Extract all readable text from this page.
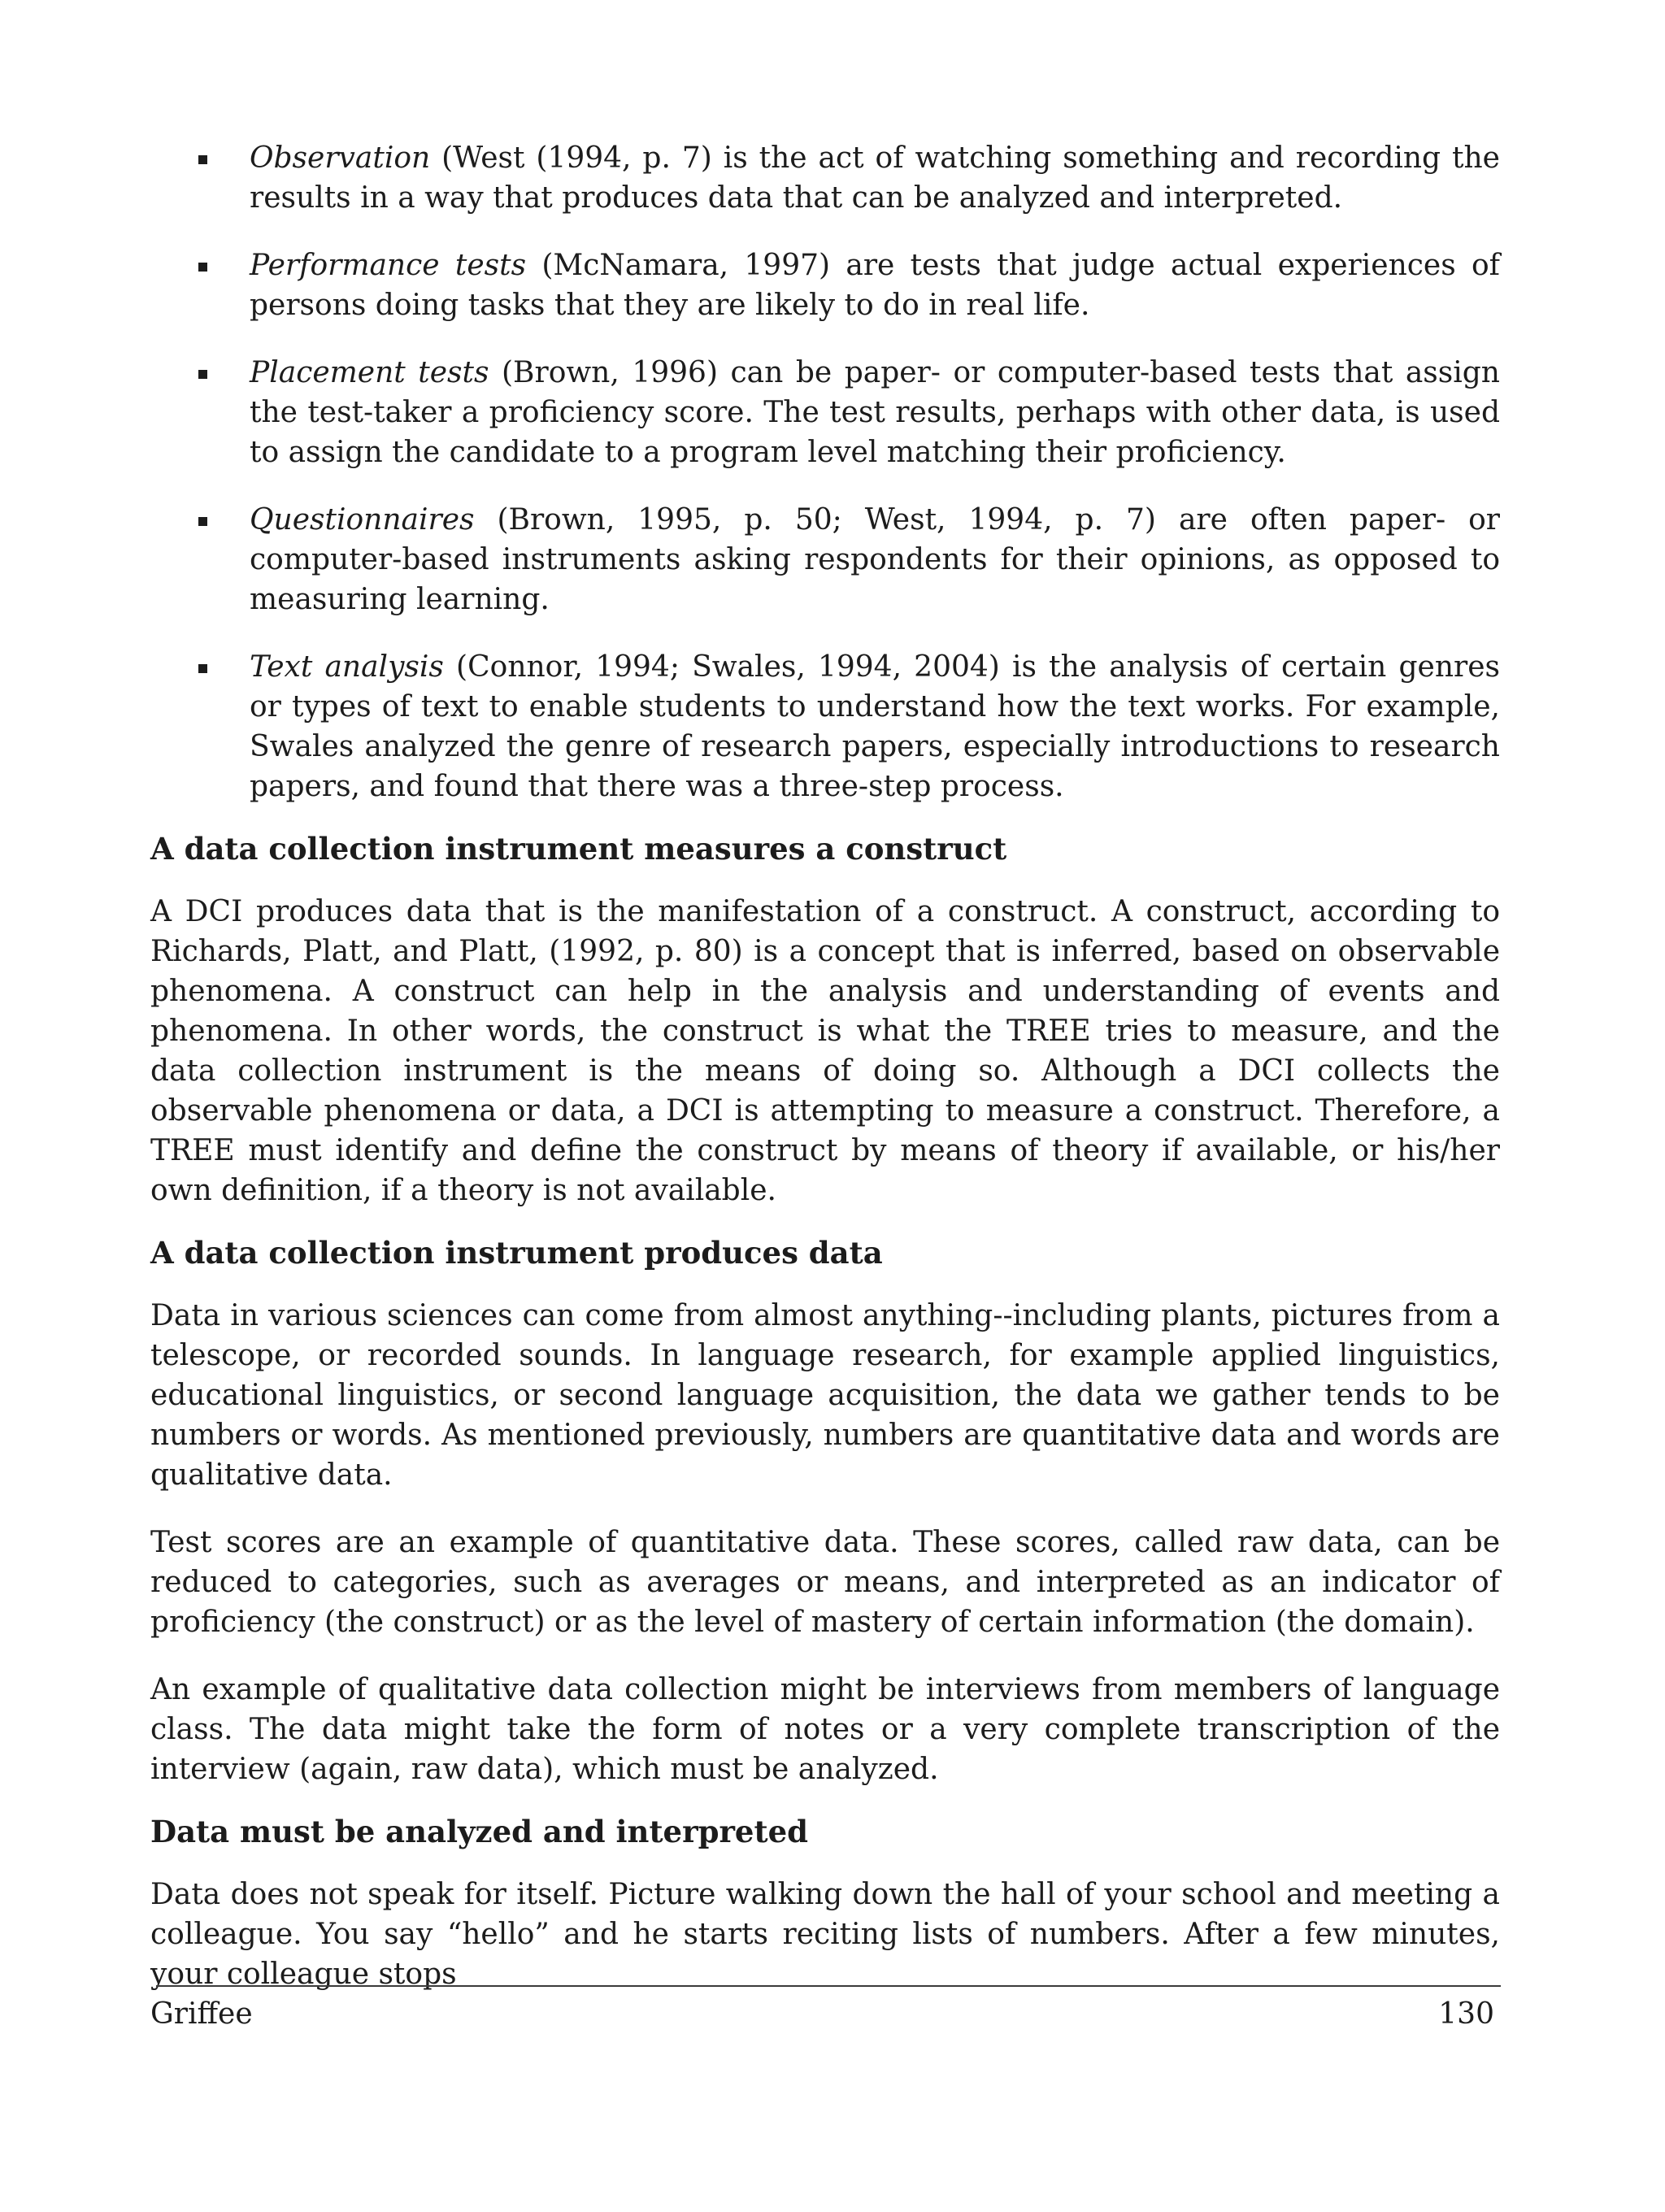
Observation (West (1994, p. 7) is the act of watching something and recording the results in a way that produces data that can be analyzed and interpreted.

Performance tests (McNamara, 1997) are tests that judge actual experiences of persons doing tasks that they are likely to do in real life.

Placement tests (Brown, 1996) can be paper- or computer-based tests that assign the test-taker a proficiency score. The test results, perhaps with other data, is used to assign the candidate to a program level matching their proficiency.

Questionnaires (Brown, 1995, p. 50; West, 1994, p. 7) are often paper- or computer-based instruments asking respondents for their opinions, as opposed to measuring learning.

Text analysis (Connor, 1994; Swales, 1994, 2004) is the analysis of certain genres or types of text to enable students to understand how the text works. For example, Swales analyzed the genre of research papers, especially introductions to research papers, and found that there was a three-step process.

A data collection instrument measures a construct

A DCI produces data that is the manifestation of a construct. A construct, according to Richards, Platt, and Platt, (1992, p. 80) is a concept that is inferred, based on observable phenomena. A construct can help in the analysis and understanding of events and phenomena. In other words, the construct is what the TREE tries to measure, and the data collection instrument is the means of doing so. Although a DCI collects the observable phenomena or data, a DCI is attempting to measure a construct. Therefore, a TREE must identify and define the construct by means of theory if available, or his/her own definition, if a theory is not available.

A data collection instrument produces data

Data in various sciences can come from almost anything--including plants, pictures from a telescope, or recorded sounds. In language research, for example applied linguistics, educational linguistics, or second language acquisition, the data we gather tends to be numbers or words. As mentioned previously, numbers are quantitative data and words are qualitative data.

Test scores are an example of quantitative data. These scores, called raw data, can be reduced to categories, such as averages or means, and interpreted as an indicator of proficiency (the construct) or as the level of mastery of certain information (the domain).

An example of qualitative data collection might be interviews from members of language class. The data might take the form of notes or a very complete transcription of the interview (again, raw data), which must be analyzed.

Data must be analyzed and interpreted

Data does not speak for itself. Picture walking down the hall of your school and meeting a colleague. You say “hello” and he starts reciting lists of numbers. After a few minutes, your colleague stops

Griffee	130
